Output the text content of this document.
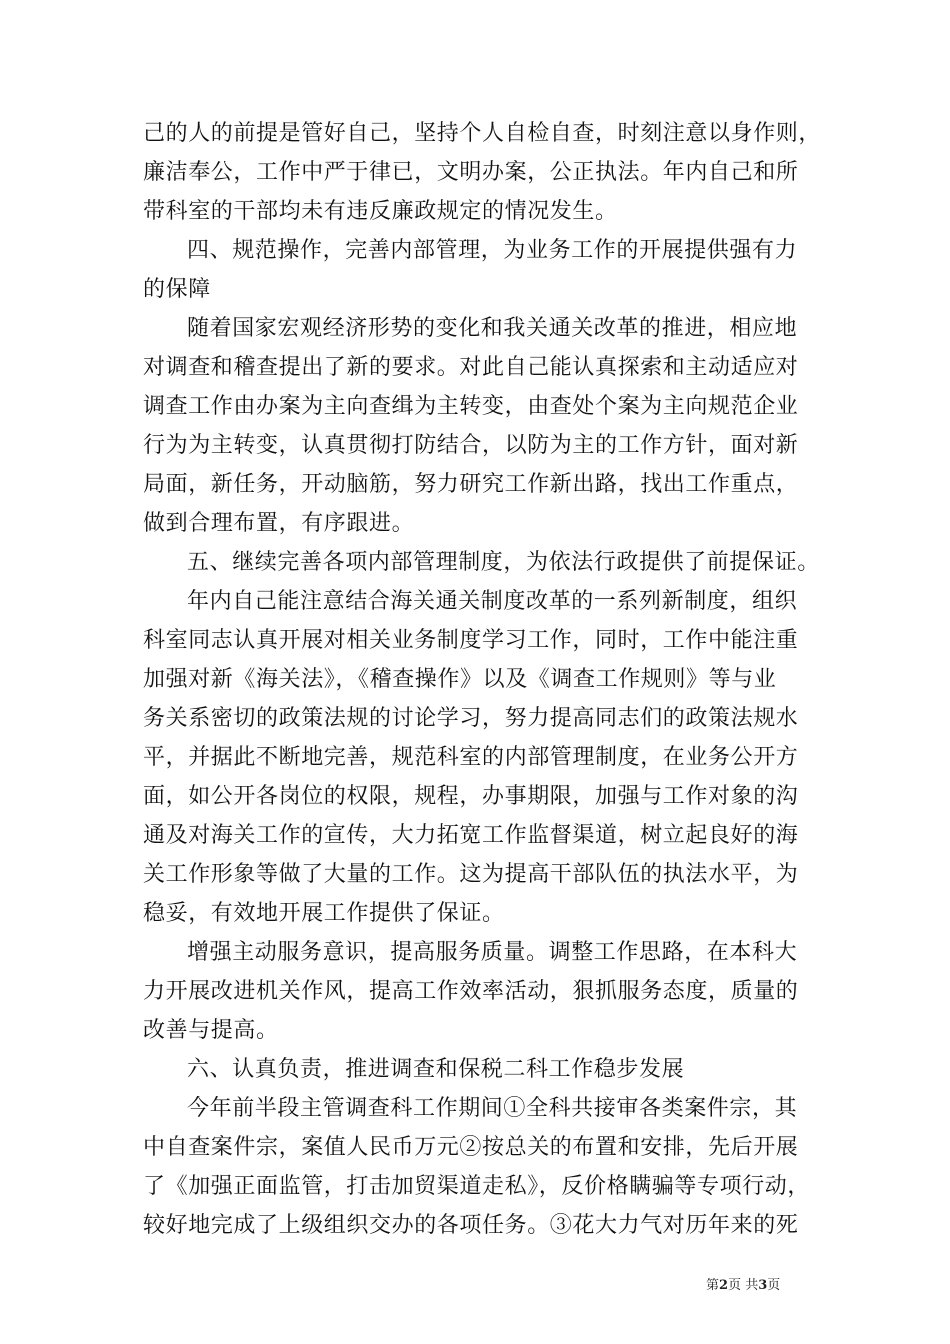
己的人的前提是管好自己，坚持个人自检自查，时刻注意以身作则，
廉洁奉公，工作中严于律已，文明办案，公正执法。年内自己和所
带科室的干部均未有违反廉政规定的情况发生。
四、规范操作，完善内部管理，为业务工作的开展提供强有力
的保障
随着国家宏观经济形势的变化和我关通关改革的推进，相应地
对调查和稽查提出了新的要求。对此自己能认真探索和主动适应对
调查工作由办案为主向查缉为主转变，由查处个案为主向规范企业
行为为主转变，认真贯彻打防结合，以防为主的工作方针，面对新
局面，新任务，开动脑筋，努力研究工作新出路，找出工作重点，
做到合理布置，有序跟进。
五、继续完善各项内部管理制度，为依法行政提供了前提保证。
年内自己能注意结合海关通关制度改革的一系列新制度，组织
科室同志认真开展对相关业务制度学习工作，同时，工作中能注重
加强对新《海关法》，《稽查操作》以及《调查工作规则》等与业
务关系密切的政策法规的讨论学习，努力提高同志们的政策法规水
平，并据此不断地完善，规范科室的内部管理制度，在业务公开方
面，如公开各岗位的权限，规程，办事期限，加强与工作对象的沟
通及对海关工作的宣传，大力拓宽工作监督渠道，树立起良好的海
关工作形象等做了大量的工作。这为提高干部队伍的执法水平，为
稳妥，有效地开展工作提供了保证。
增强主动服务意识，提高服务质量。调整工作思路，在本科大
力开展改进机关作风，提高工作效率活动，狠抓服务态度，质量的
改善与提高。
六、认真负责，推进调查和保税二科工作稳步发展
今年前半段主管调查科工作期间①全科共接审各类案件宗，其
中自查案件宗，案值人民币万元②按总关的布置和安排，先后开展
了《加强正面监管，打击加贸渠道走私》，反价格瞒骗等专项行动，
较好地完成了上级组织交办的各项任务。③花大力气对历年来的死
第2页 共3页
